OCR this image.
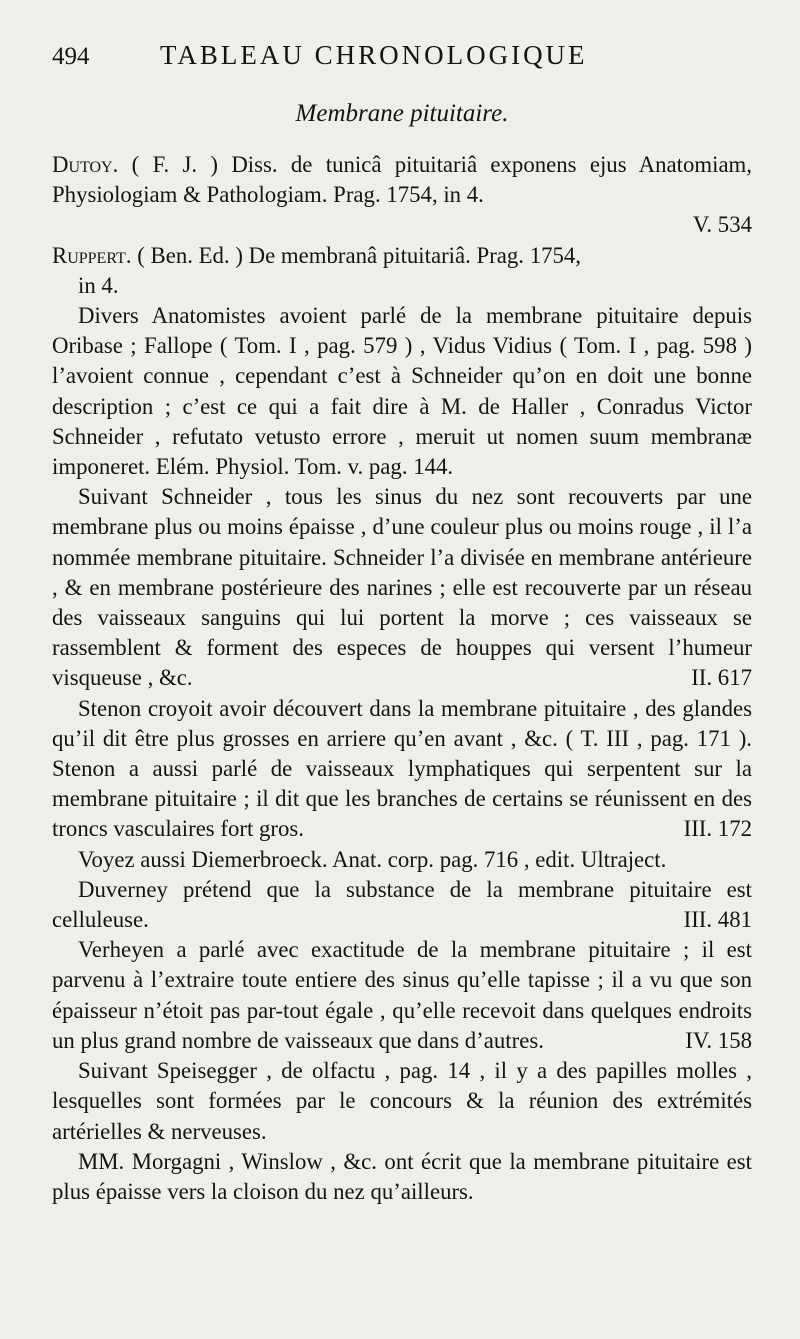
494	TABLEAU CHRONOLOGIQUE
Membrane pituitaire.

Dutoy. ( F. J. ) Diss. de tunicâ pituitariâ exponens ejus Anatomiam, Physiologiam & Pathologiam. Prag. 1754, in 4.
V. 534

Ruppert. ( Ben. Ed. ) De membranâ pituitariâ. Prag. 1754,
in 4.

Divers Anatomistes avoient parlé de la membrane pituitaire depuis Oribase ; Fallope ( Tom. I , pag. 579 ) , Vidus Vidius ( Tom. I , pag. 598 ) l’avoient connue , cependant c’est à Schneider qu’on en doit une bonne description ; c’est ce qui a fait dire à M. de Haller , Conradus Victor Schneider , refutato vetusto errore , meruit ut nomen suum membranæ imponeret. Elém. Physiol. Tom. v. pag. 144.

Suivant Schneider , tous les sinus du nez sont recouverts par une membrane plus ou moins épaisse , d’une couleur plus ou moins rouge , il l’a nommée membrane pituitaire. Schneider l’a divisée en membrane antérieure , & en membrane postérieure des narines ; elle est recouverte par un réseau des vaisseaux sanguins qui lui portent la morve ; ces vaisseaux se rassemblent & forment des especes de houppes qui versent l’humeur visqueuse , &c.	II. 617

Stenon croyoit avoir découvert dans la membrane pituitaire , des glandes qu’il dit être plus grosses en arriere qu’en avant , &c. ( T. III , pag. 171 ). Stenon a aussi parlé de vaisseaux lymphatiques qui serpentent sur la membrane pituitaire ; il dit que les branches de certains se réunissent en des troncs vasculaires fort gros.	III. 172

Voyez aussi Diemerbroeck. Anat. corp. pag. 716 , edit. Ultraject.

Duverney prétend que la substance de la membrane pituitaire est celluleuse.	III. 481

Verheyen a parlé avec exactitude de la membrane pituitaire ; il est parvenu à l’extraire toute entiere des sinus qu’elle tapisse ; il a vu que son épaisseur n’étoit pas par-tout égale , qu’elle recevoit dans quelques endroits un plus grand nombre de vaisseaux que dans d’autres.	IV. 158

Suivant Speisegger , de olfactu , pag. 14 , il y a des papilles molles , lesquelles sont formées par le concours & la réunion des extrémités artérielles & nerveuses.

MM. Morgagni , Winslow , &c. ont écrit que la membrane pituitaire est plus épaisse vers la cloison du nez qu’ailleurs.
